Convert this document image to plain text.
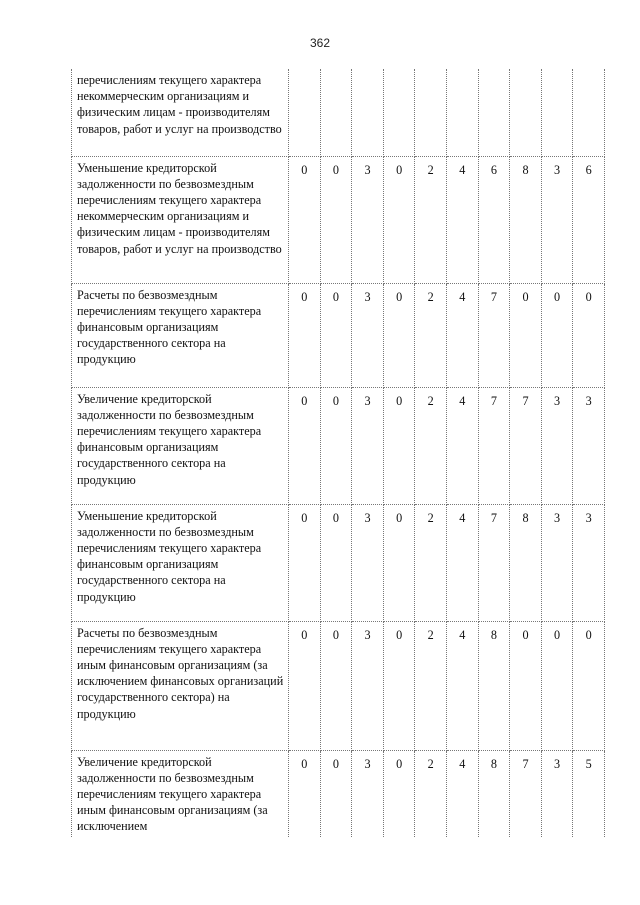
362
перечислениям текущего характера некоммерческим организациям и физическим лицам - производителям товаров, работ и услуг на производство										
Уменьшение кредиторской задолженности по безвозмездным перечислениям текущего характера некоммерческим организациям и физическим лицам - производителям товаров, работ и услуг на производство	0	0	3	0	2	4	6	8	3	6
Расчеты по безвозмездным перечислениям текущего характера финансовым организациям государственного сектора на продукцию	0	0	3	0	2	4	7	0	0	0
Увеличение кредиторской задолженности по безвозмездным перечислениям текущего характера финансовым организациям государственного сектора на продукцию	0	0	3	0	2	4	7	7	3	3
Уменьшение кредиторской задолженности по безвозмездным перечислениям текущего характера финансовым организациям государственного сектора на продукцию	0	0	3	0	2	4	7	8	3	3
Расчеты по безвозмездным перечислениям текущего характера иным финансовым организациям (за исключением финансовых организаций государственного сектора) на продукцию	0	0	3	0	2	4	8	0	0	0
Увеличение кредиторской задолженности по безвозмездным перечислениям текущего характера иным финансовым организациям (за исключением	0	0	3	0	2	4	8	7	3	5
